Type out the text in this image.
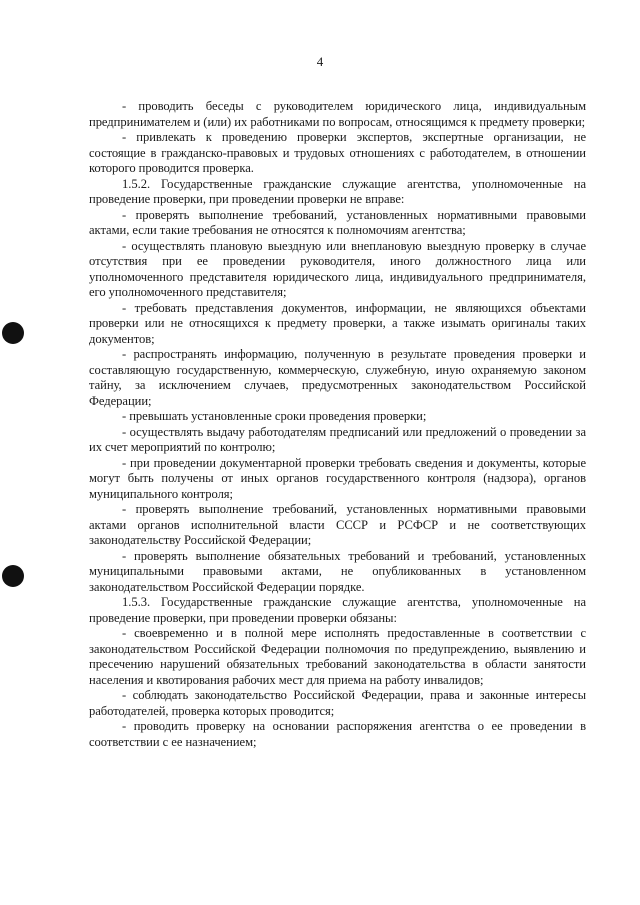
4

- проводить беседы с руководителем юридического лица, индивидуальным предпринимателем и (или) их работниками по вопросам, относящимся к предмету проверки;

- привлекать к проведению проверки экспертов, экспертные организации, не состоящие в гражданско-правовых и трудовых отношениях с работодателем, в отношении которого проводится проверка.

1.5.2. Государственные гражданские служащие агентства, уполномоченные на проведение проверки, при проведении проверки не вправе:

- проверять выполнение требований, установленных нормативными правовыми актами, если такие требования не относятся к полномочиям агентства;

- осуществлять плановую выездную или внеплановую выездную проверку в случае отсутствия при ее проведении руководителя, иного должностного лица или уполномоченного представителя юридического лица, индивидуального предпринимателя, его уполномоченного представителя;

- требовать представления документов, информации, не являющихся объектами проверки или не относящихся к предмету проверки, а также изымать оригиналы таких документов;

- распространять информацию, полученную в результате проведения проверки и составляющую государственную, коммерческую, служебную, иную охраняемую законом тайну, за исключением случаев, предусмотренных законодательством Российской Федерации;

- превышать установленные сроки проведения проверки;

- осуществлять выдачу работодателям предписаний или предложений о проведении за их счет мероприятий по контролю;

- при проведении документарной проверки требовать сведения и документы, которые могут быть получены от иных органов государственного контроля (надзора), органов муниципального контроля;

- проверять выполнение требований, установленных нормативными правовыми актами органов исполнительной власти СССР и РСФСР и не соответствующих законодательству Российской Федерации;

- проверять выполнение обязательных требований и требований, установленных муниципальными правовыми актами, не опубликованных в установленном законодательством Российской Федерации порядке.

1.5.3. Государственные гражданские служащие агентства, уполномоченные на проведение проверки, при проведении проверки обязаны:

- своевременно и в полной мере исполнять предоставленные в соответствии с законодательством Российской Федерации полномочия по предупреждению, выявлению и пресечению нарушений обязательных требований законодательства в области занятости населения и квотирования рабочих мест для приема на работу инвалидов;

- соблюдать законодательство Российской Федерации, права и законные интересы работодателей, проверка которых проводится;

- проводить проверку на основании распоряжения агентства о ее проведении в соответствии с ее назначением;
